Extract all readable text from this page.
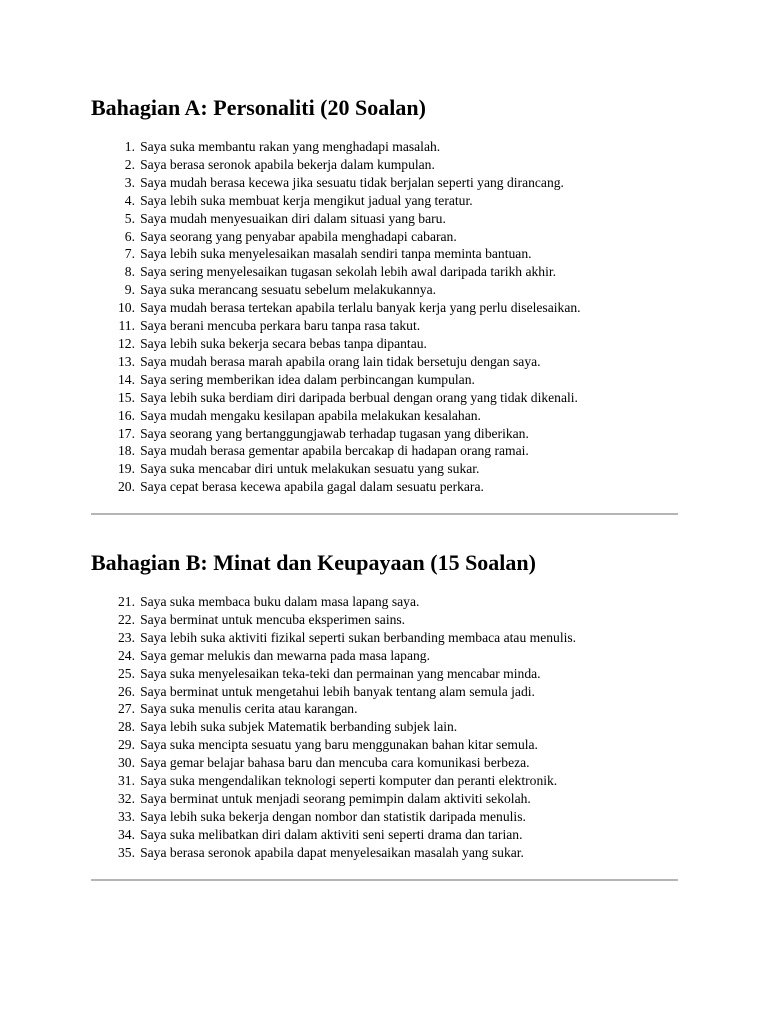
Bahagian A: Personaliti (20 Soalan)
1. Saya suka membantu rakan yang menghadapi masalah.
2. Saya berasa seronok apabila bekerja dalam kumpulan.
3. Saya mudah berasa kecewa jika sesuatu tidak berjalan seperti yang dirancang.
4. Saya lebih suka membuat kerja mengikut jadual yang teratur.
5. Saya mudah menyesuaikan diri dalam situasi yang baru.
6. Saya seorang yang penyabar apabila menghadapi cabaran.
7. Saya lebih suka menyelesaikan masalah sendiri tanpa meminta bantuan.
8. Saya sering menyelesaikan tugasan sekolah lebih awal daripada tarikh akhir.
9. Saya suka merancang sesuatu sebelum melakukannya.
10. Saya mudah berasa tertekan apabila terlalu banyak kerja yang perlu diselesaikan.
11. Saya berani mencuba perkara baru tanpa rasa takut.
12. Saya lebih suka bekerja secara bebas tanpa dipantau.
13. Saya mudah berasa marah apabila orang lain tidak bersetuju dengan saya.
14. Saya sering memberikan idea dalam perbincangan kumpulan.
15. Saya lebih suka berdiam diri daripada berbual dengan orang yang tidak dikenali.
16. Saya mudah mengaku kesilapan apabila melakukan kesalahan.
17. Saya seorang yang bertanggungjawab terhadap tugasan yang diberikan.
18. Saya mudah berasa gementar apabila bercakap di hadapan orang ramai.
19. Saya suka mencabar diri untuk melakukan sesuatu yang sukar.
20. Saya cepat berasa kecewa apabila gagal dalam sesuatu perkara.
Bahagian B: Minat dan Keupayaan (15 Soalan)
21. Saya suka membaca buku dalam masa lapang saya.
22. Saya berminat untuk mencuba eksperimen sains.
23. Saya lebih suka aktiviti fizikal seperti sukan berbanding membaca atau menulis.
24. Saya gemar melukis dan mewarna pada masa lapang.
25. Saya suka menyelesaikan teka-teki dan permainan yang mencabar minda.
26. Saya berminat untuk mengetahui lebih banyak tentang alam semula jadi.
27. Saya suka menulis cerita atau karangan.
28. Saya lebih suka subjek Matematik berbanding subjek lain.
29. Saya suka mencipta sesuatu yang baru menggunakan bahan kitar semula.
30. Saya gemar belajar bahasa baru dan mencuba cara komunikasi berbeza.
31. Saya suka mengendalikan teknologi seperti komputer dan peranti elektronik.
32. Saya berminat untuk menjadi seorang pemimpin dalam aktiviti sekolah.
33. Saya lebih suka bekerja dengan nombor dan statistik daripada menulis.
34. Saya suka melibatkan diri dalam aktiviti seni seperti drama dan tarian.
35. Saya berasa seronok apabila dapat menyelesaikan masalah yang sukar.
